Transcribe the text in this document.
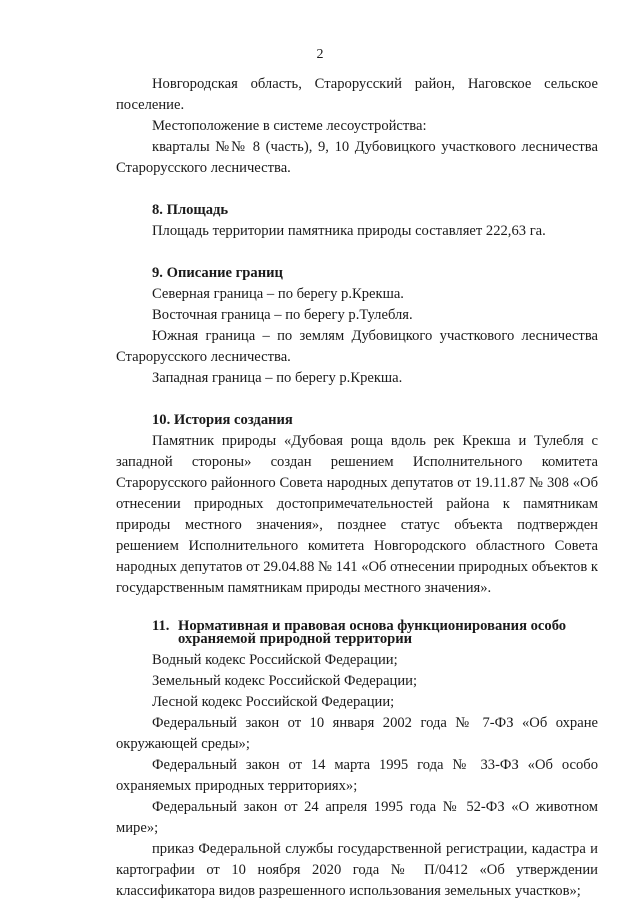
2

Новгородская область, Старорусский район, Наговское сельское поселение.

Местоположение в системе лесоустройства:

кварталы №№ 8 (часть), 9, 10 Дубовицкого участкового лесничества Старорусского лесничества.

8. Площадь

Площадь территории памятника природы составляет 222,63 га.

9. Описание границ

Северная граница – по берегу р.Крекша.

Восточная граница – по берегу р.Тулебля.

Южная граница – по землям Дубовицкого участкового лесничества Старорусского лесничества.

Западная граница – по берегу р.Крекша.

10. История создания

Памятник природы «Дубовая роща вдоль рек Крекша и Тулебля с западной стороны» создан решением Исполнительного комитета Старорусского районного Совета народных депутатов от 19.11.87 № 308 «Об отнесении природных достопримечательностей района к памятникам природы местного значения», позднее статус объекта подтвержден решением Исполнительного комитета Новгородского областного Совета народных депутатов от 29.04.88 № 141 «Об отнесении природных объектов к государственным памятникам природы местного значения».

11. Нормативная и правовая основа функционирования особо
охраняемой природной территории

Водный кодекс Российской Федерации;

Земельный кодекс Российской Федерации;

Лесной кодекс Российской Федерации;

Федеральный закон от 10 января 2002 года № 7-ФЗ «Об охране окружающей среды»;

Федеральный закон от 14 марта 1995 года № 33-ФЗ «Об особо охраняемых природных территориях»;

Федеральный закон от 24 апреля 1995 года № 52-ФЗ «О животном мире»;

приказ Федеральной службы государственной регистрации, кадастра и картографии от 10 ноября 2020 года № П/0412 «Об утверждении классификатора видов разрешенного использования земельных участков»;
